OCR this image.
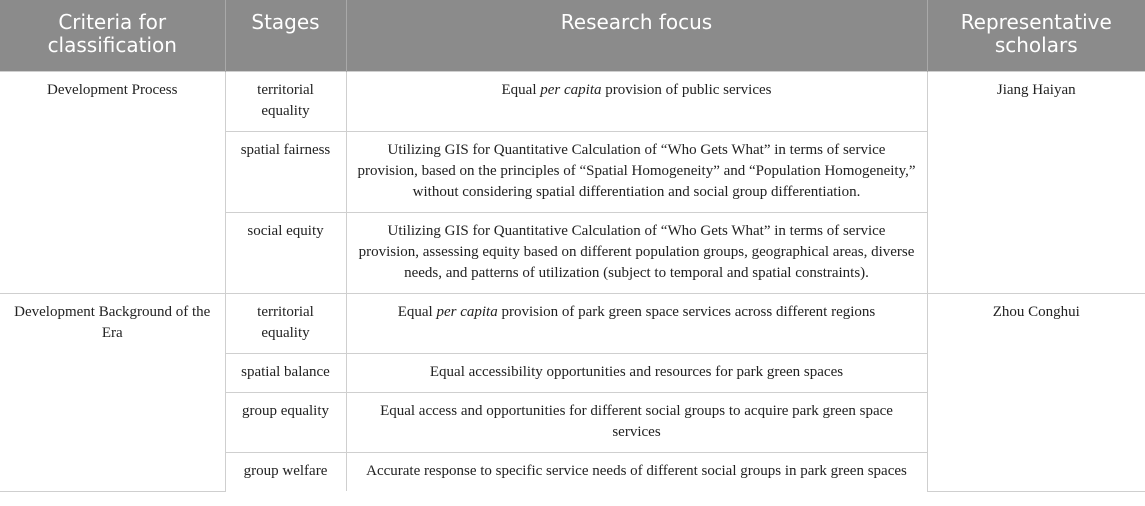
Criteria for classification	Stages	Research focus	Representative scholars
Development Process	territorial equality	Equal per capita provision of public services	Jiang Haiyan
	spatial fairness	Utilizing GIS for Quantitative Calculation of “Who Gets What” in terms of service provision, based on the principles of “Spatial Homogeneity” and “Population Homogeneity,” without considering spatial differentiation and social group differentiation.	
	social equity	Utilizing GIS for Quantitative Calculation of “Who Gets What” in terms of service provision, assessing equity based on different population groups, geographical areas, diverse needs, and patterns of utilization (subject to temporal and spatial constraints).	
Development Background of the Era	territorial equality	Equal per capita provision of park green space services across different regions	Zhou Conghui
	spatial balance	Equal accessibility opportunities and resources for park green spaces	
	group equality	Equal access and opportunities for different social groups to acquire park green space services	
	group welfare	Accurate response to specific service needs of different social groups in park green spaces	
